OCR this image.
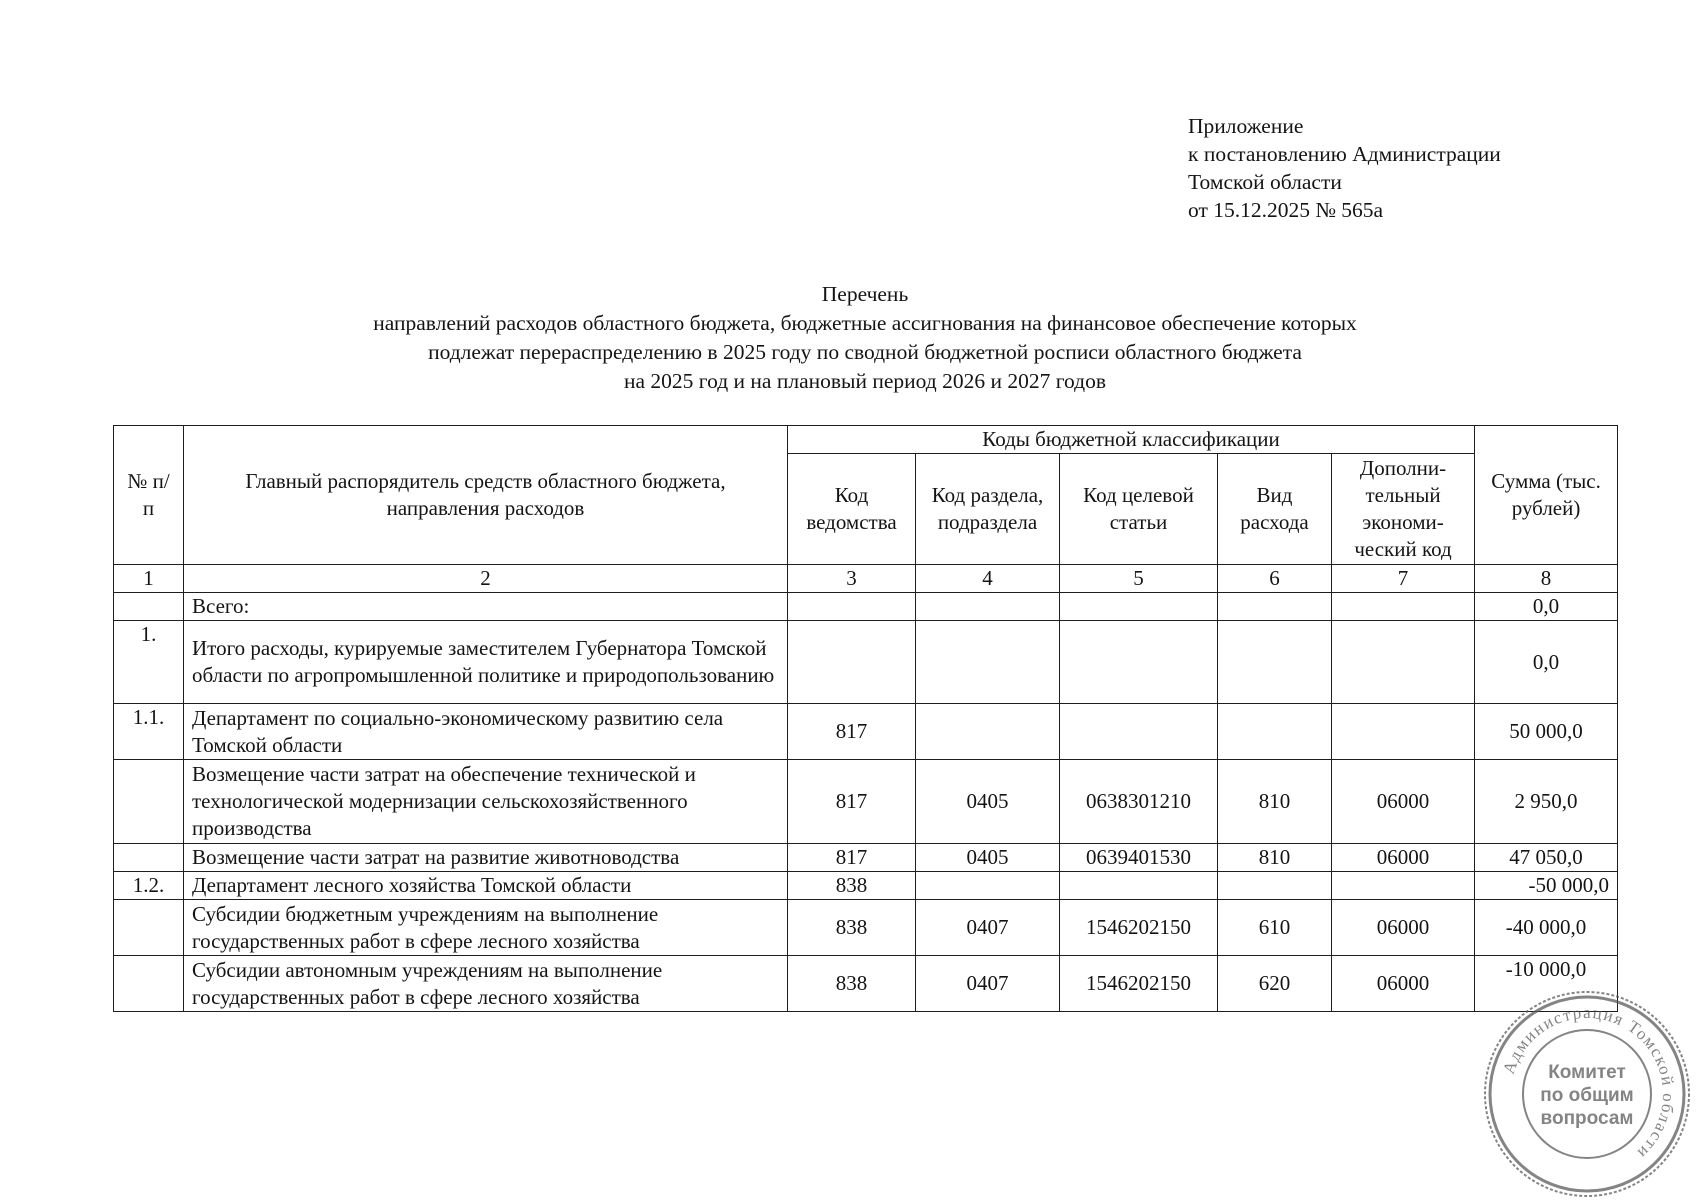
Приложение
к постановлению Администрации
Томской области
от 15.12.2025 № 565а
Перечень
направлений расходов областного бюджета, бюджетные ассигнования на финансовое обеспечение которых
подлежат перераспределению в 2025 году по сводной бюджетной росписи областного бюджета
на 2025 год и на плановый период 2026 и 2027 годов
№ п/п	Главный распорядитель средств областного бюджета, направления расходов	Коды бюджетной классификации					Сумма (тыс. рублей)
		Код ведомства	Код раздела, подраздела	Код целевой статьи	Вид расхода	Дополни-тельный экономи-ческий код	
1	2	3	4	5	6	7	8
	Всего:						0,0
1.	Итого расходы, курируемые заместителем Губернатора Томской области по агропромышленной политике и природопользованию						0,0
1.1.	Департамент по социально-экономическому развитию села Томской области	817					50 000,0
	Возмещение части затрат на обеспечение технической и технологической модернизации сельскохозяйственного производства	817	0405	0638301210	810	06000	2 950,0
	Возмещение части затрат на развитие животноводства	817	0405	0639401530	810	06000	47 050,0
1.2.	Департамент лесного хозяйства Томской области	838					-50 000,0
	Субсидии бюджетным учреждениям на выполнение государственных работ в сфере лесного хозяйства	838	0407	1546202150	610	06000	-40 000,0
	Субсидии автономным учреждениям на выполнение государственных работ в сфере лесного хозяйства	838	0407	1546202150	620	06000	-10 000,0
Администрация Томской области
Комитет
по общим
вопросам
